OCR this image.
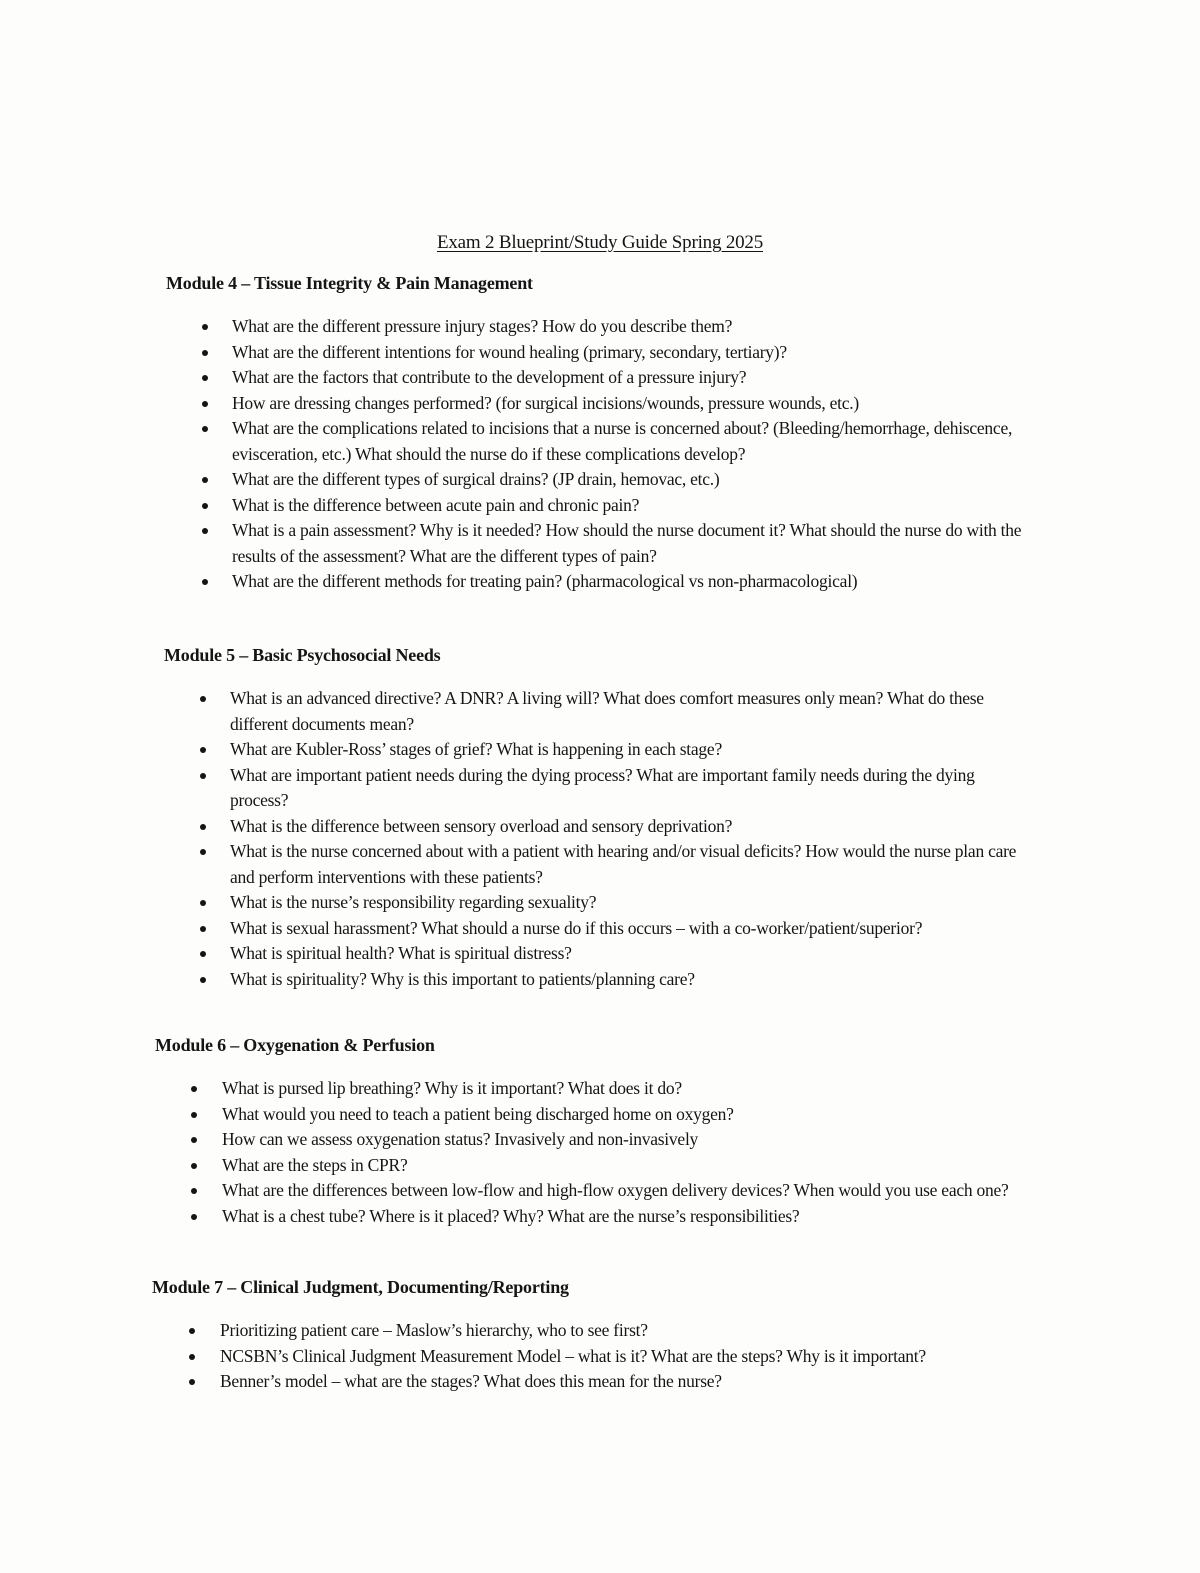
Exam 2 Blueprint/Study Guide Spring 2025
Module 4 – Tissue Integrity & Pain Management
What are the different pressure injury stages? How do you describe them?
What are the different intentions for wound healing (primary, secondary, tertiary)?
What are the factors that contribute to the development of a pressure injury?
How are dressing changes performed? (for surgical incisions/wounds, pressure wounds, etc.)
What are the complications related to incisions that a nurse is concerned about? (Bleeding/hemorrhage, dehiscence, evisceration, etc.) What should the nurse do if these complications develop?
What are the different types of surgical drains? (JP drain, hemovac, etc.)
What is the difference between acute pain and chronic pain?
What is a pain assessment? Why is it needed? How should the nurse document it? What should the nurse do with the results of the assessment? What are the different types of pain?
What are the different methods for treating pain? (pharmacological vs non-pharmacological)
Module 5 – Basic Psychosocial Needs
What is an advanced directive? A DNR? A living will? What does comfort measures only mean? What do these different documents mean?
What are Kubler-Ross’ stages of grief? What is happening in each stage?
What are important patient needs during the dying process? What are important family needs during the dying process?
What is the difference between sensory overload and sensory deprivation?
What is the nurse concerned about with a patient with hearing and/or visual deficits? How would the nurse plan care and perform interventions with these patients?
What is the nurse’s responsibility regarding sexuality?
What is sexual harassment? What should a nurse do if this occurs – with a co-worker/patient/superior?
What is spiritual health? What is spiritual distress?
What is spirituality? Why is this important to patients/planning care?
Module 6 – Oxygenation & Perfusion
What is pursed lip breathing? Why is it important? What does it do?
What would you need to teach a patient being discharged home on oxygen?
How can we assess oxygenation status? Invasively and non-invasively
What are the steps in CPR?
What are the differences between low-flow and high-flow oxygen delivery devices? When would you use each one?
What is a chest tube? Where is it placed? Why? What are the nurse’s responsibilities?
Module 7 – Clinical Judgment, Documenting/Reporting
Prioritizing patient care – Maslow’s hierarchy, who to see first?
NCSBN’s Clinical Judgment Measurement Model – what is it? What are the steps? Why is it important?
Benner’s model – what are the stages? What does this mean for the nurse?
